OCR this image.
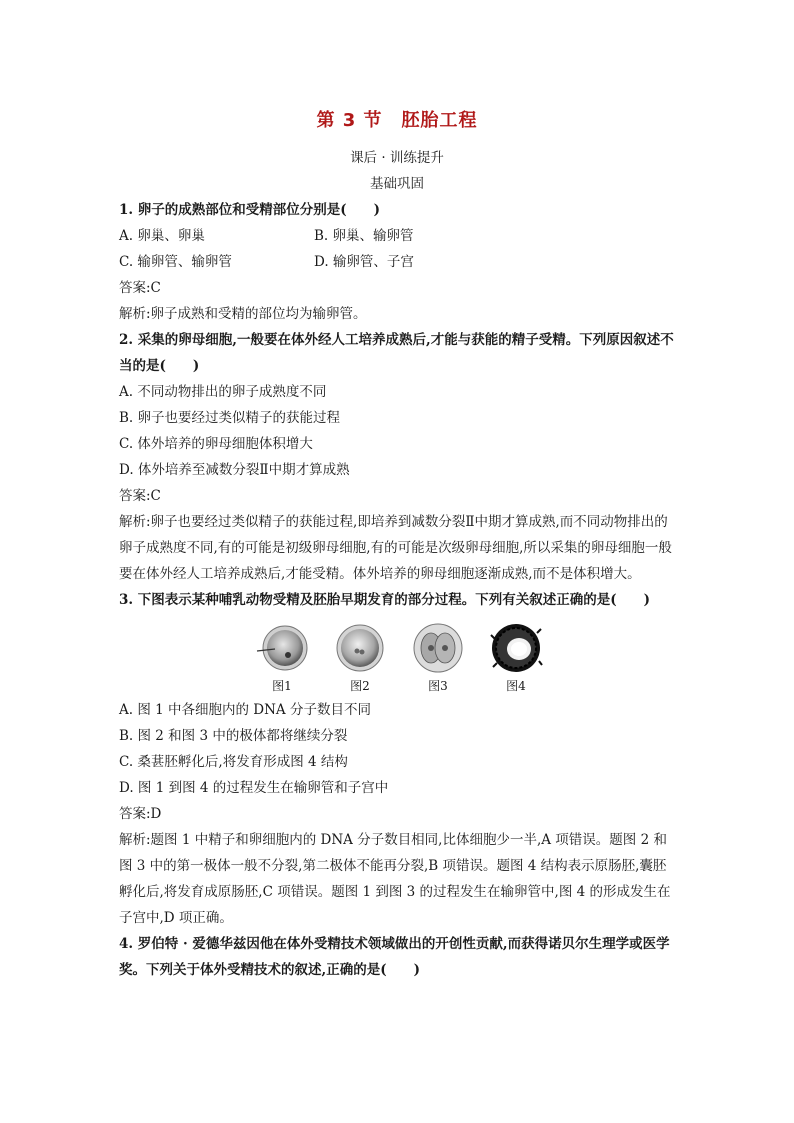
第 3 节　胚胎工程
课后 · 训练提升
基础巩固
1. 卵子的成熟部位和受精部位分别是(　　)
A. 卵巢、卵巢	B. 卵巢、输卵管
C. 输卵管、输卵管	D. 输卵管、子宫
答案:C
解析:卵子成熟和受精的部位均为输卵管。
2. 采集的卵母细胞,一般要在体外经人工培养成熟后,才能与获能的精子受精。下列原因叙述不当的是(　　)
A. 不同动物排出的卵子成熟度不同
B. 卵子也要经过类似精子的获能过程
C. 体外培养的卵母细胞体积增大
D. 体外培养至减数分裂Ⅱ中期才算成熟
答案:C
解析:卵子也要经过类似精子的获能过程,即培养到减数分裂Ⅱ中期才算成熟,而不同动物排出的卵子成熟度不同,有的可能是初级卵母细胞,有的可能是次级卵母细胞,所以采集的卵母细胞一般要在体外经人工培养成熟后,才能受精。体外培养的卵母细胞逐渐成熟,而不是体积增大。
3. 下图表示某种哺乳动物受精及胚胎早期发育的部分过程。下列有关叙述正确的是(　　)
图1	图2	图3	图4
A. 图 1 中各细胞内的 DNA 分子数目不同
B. 图 2 和图 3 中的极体都将继续分裂
C. 桑葚胚孵化后,将发育形成图 4 结构
D. 图 1 到图 4 的过程发生在输卵管和子宫中
答案:D
解析:题图 1 中精子和卵细胞内的 DNA 分子数目相同,比体细胞少一半,A 项错误。题图 2 和图 3 中的第一极体一般不分裂,第二极体不能再分裂,B 项错误。题图 4 结构表示原肠胚,囊胚孵化后,将发育成原肠胚,C 项错误。题图 1 到图 3 的过程发生在输卵管中,图 4 的形成发生在子宫中,D 项正确。
4. 罗伯特 · 爱德华兹因他在体外受精技术领域做出的开创性贡献,而获得诺贝尔生理学或医学奖。下列关于体外受精技术的叙述,正确的是(　　)
